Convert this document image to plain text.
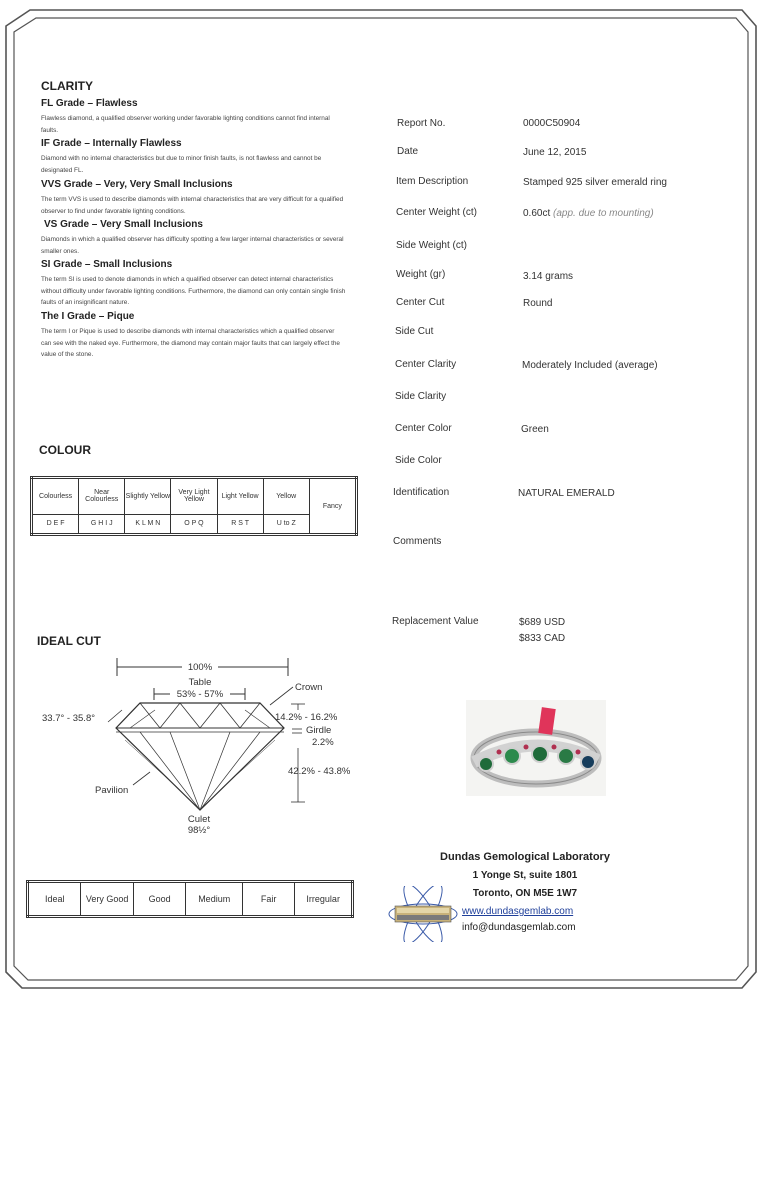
CLARITY
FL Grade – Flawless
Flawless diamond, a qualified observer working under favorable lighting conditions cannot find internal faults.
IF Grade – Internally Flawless
Diamond with no internal characteristics but due to minor finish faults, is not flawless and cannot be designated FL.
VVS Grade – Very, Very Small Inclusions
The term VVS is used to describe diamonds with internal characteristics that are very difficult for a qualified observer to find under favorable lighting conditions.
VS Grade – Very Small Inclusions
Diamonds in which a qualified observer has difficulty spotting a few larger internal characteristics or several smaller ones.
SI Grade – Small Inclusions
The term SI is used to denote diamonds in which a qualified observer can detect internal characteristics without difficulty under favorable lighting conditions. Furthermore, the diamond can only contain single finish faults of an insignificant nature.
The I Grade – Pique
The term I or Pique is used to describe diamonds with internal characteristics which a qualified observer can see with the naked eye. Furthermore, the diamond may contain major faults that can largely effect the value of the stone.
COLOUR
Colourless	Near Colourless	Slightly Yellow	Very Light Yellow	Light Yellow	Yellow	Fancy
D E F	G H I J	K L M N	O P Q	R S T	U to Z	
IDEAL CUT
100%
Table
53% - 57%
Crown
33.7° - 35.8°	14.2% - 16.2%
Girdle
2.2%
42.2% - 43.8%
Pavilion
Culet
98½°
Ideal	Very Good	Good	Medium	Fair	Irregular
Report No.	0000C50904
Date	June 12, 2015
Item Description	Stamped 925 silver emerald ring
Center Weight (ct)	0.60ct (app. due to mounting)
Side Weight (ct)
Weight (gr)	3.14 grams
Center Cut	Round
Side Cut
Center Clarity	Moderately Included (average)
Side Clarity
Center Color	Green
Side Color
Identification	NATURAL EMERALD
Comments
Replacement Value	$689 USD
$833 CAD
Dundas Gemological Laboratory
1 Yonge St, suite 1801
Toronto, ON M5E 1W7
www.dundasgemlab.com
info@dundasgemlab.com
